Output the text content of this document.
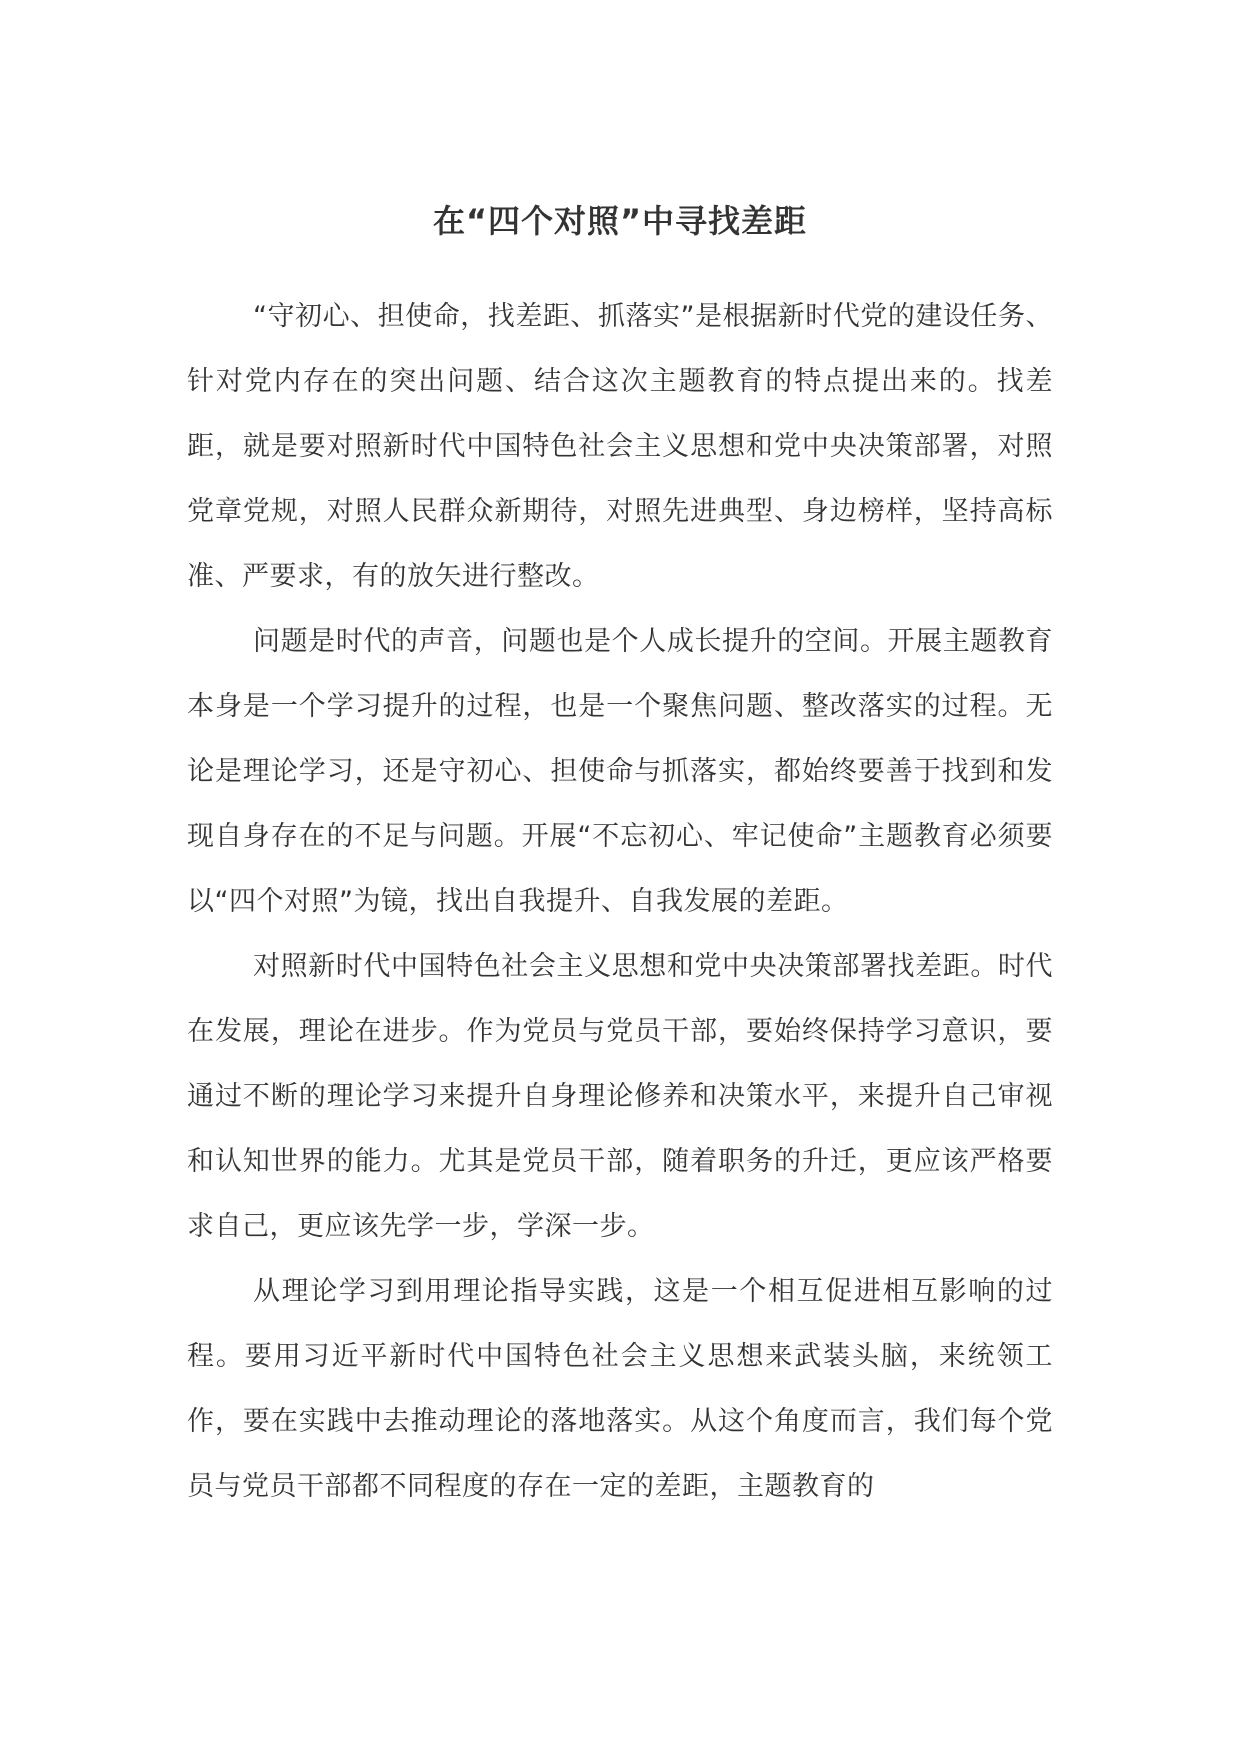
在“四个对照”中寻找差距

“守初心、担使命，找差距、抓落实”是根据新时代党的建设任务、针对党内存在的突出问题、结合这次主题教育的特点提出来的。找差距，就是要对照新时代中国特色社会主义思想和党中央决策部署，对照党章党规，对照人民群众新期待，对照先进典型、身边榜样，坚持高标准、严要求，有的放矢进行整改。

问题是时代的声音，问题也是个人成长提升的空间。开展主题教育本身是一个学习提升的过程，也是一个聚焦问题、整改落实的过程。无论是理论学习，还是守初心、担使命与抓落实，都始终要善于找到和发现自身存在的不足与问题。开展“不忘初心、牢记使命”主题教育必须要以“四个对照”为镜，找出自我提升、自我发展的差距。

对照新时代中国特色社会主义思想和党中央决策部署找差距。时代在发展，理论在进步。作为党员与党员干部，要始终保持学习意识，要通过不断的理论学习来提升自身理论修养和决策水平，来提升自己审视和认知世界的能力。尤其是党员干部，随着职务的升迁，更应该严格要求自己，更应该先学一步，学深一步。

从理论学习到用理论指导实践，这是一个相互促进相互影响的过程。要用习近平新时代中国特色社会主义思想来武装头脑，来统领工作，要在实践中去推动理论的落地落实。从这个角度而言，我们每个党员与党员干部都不同程度的存在一定的差距，主题教育的
